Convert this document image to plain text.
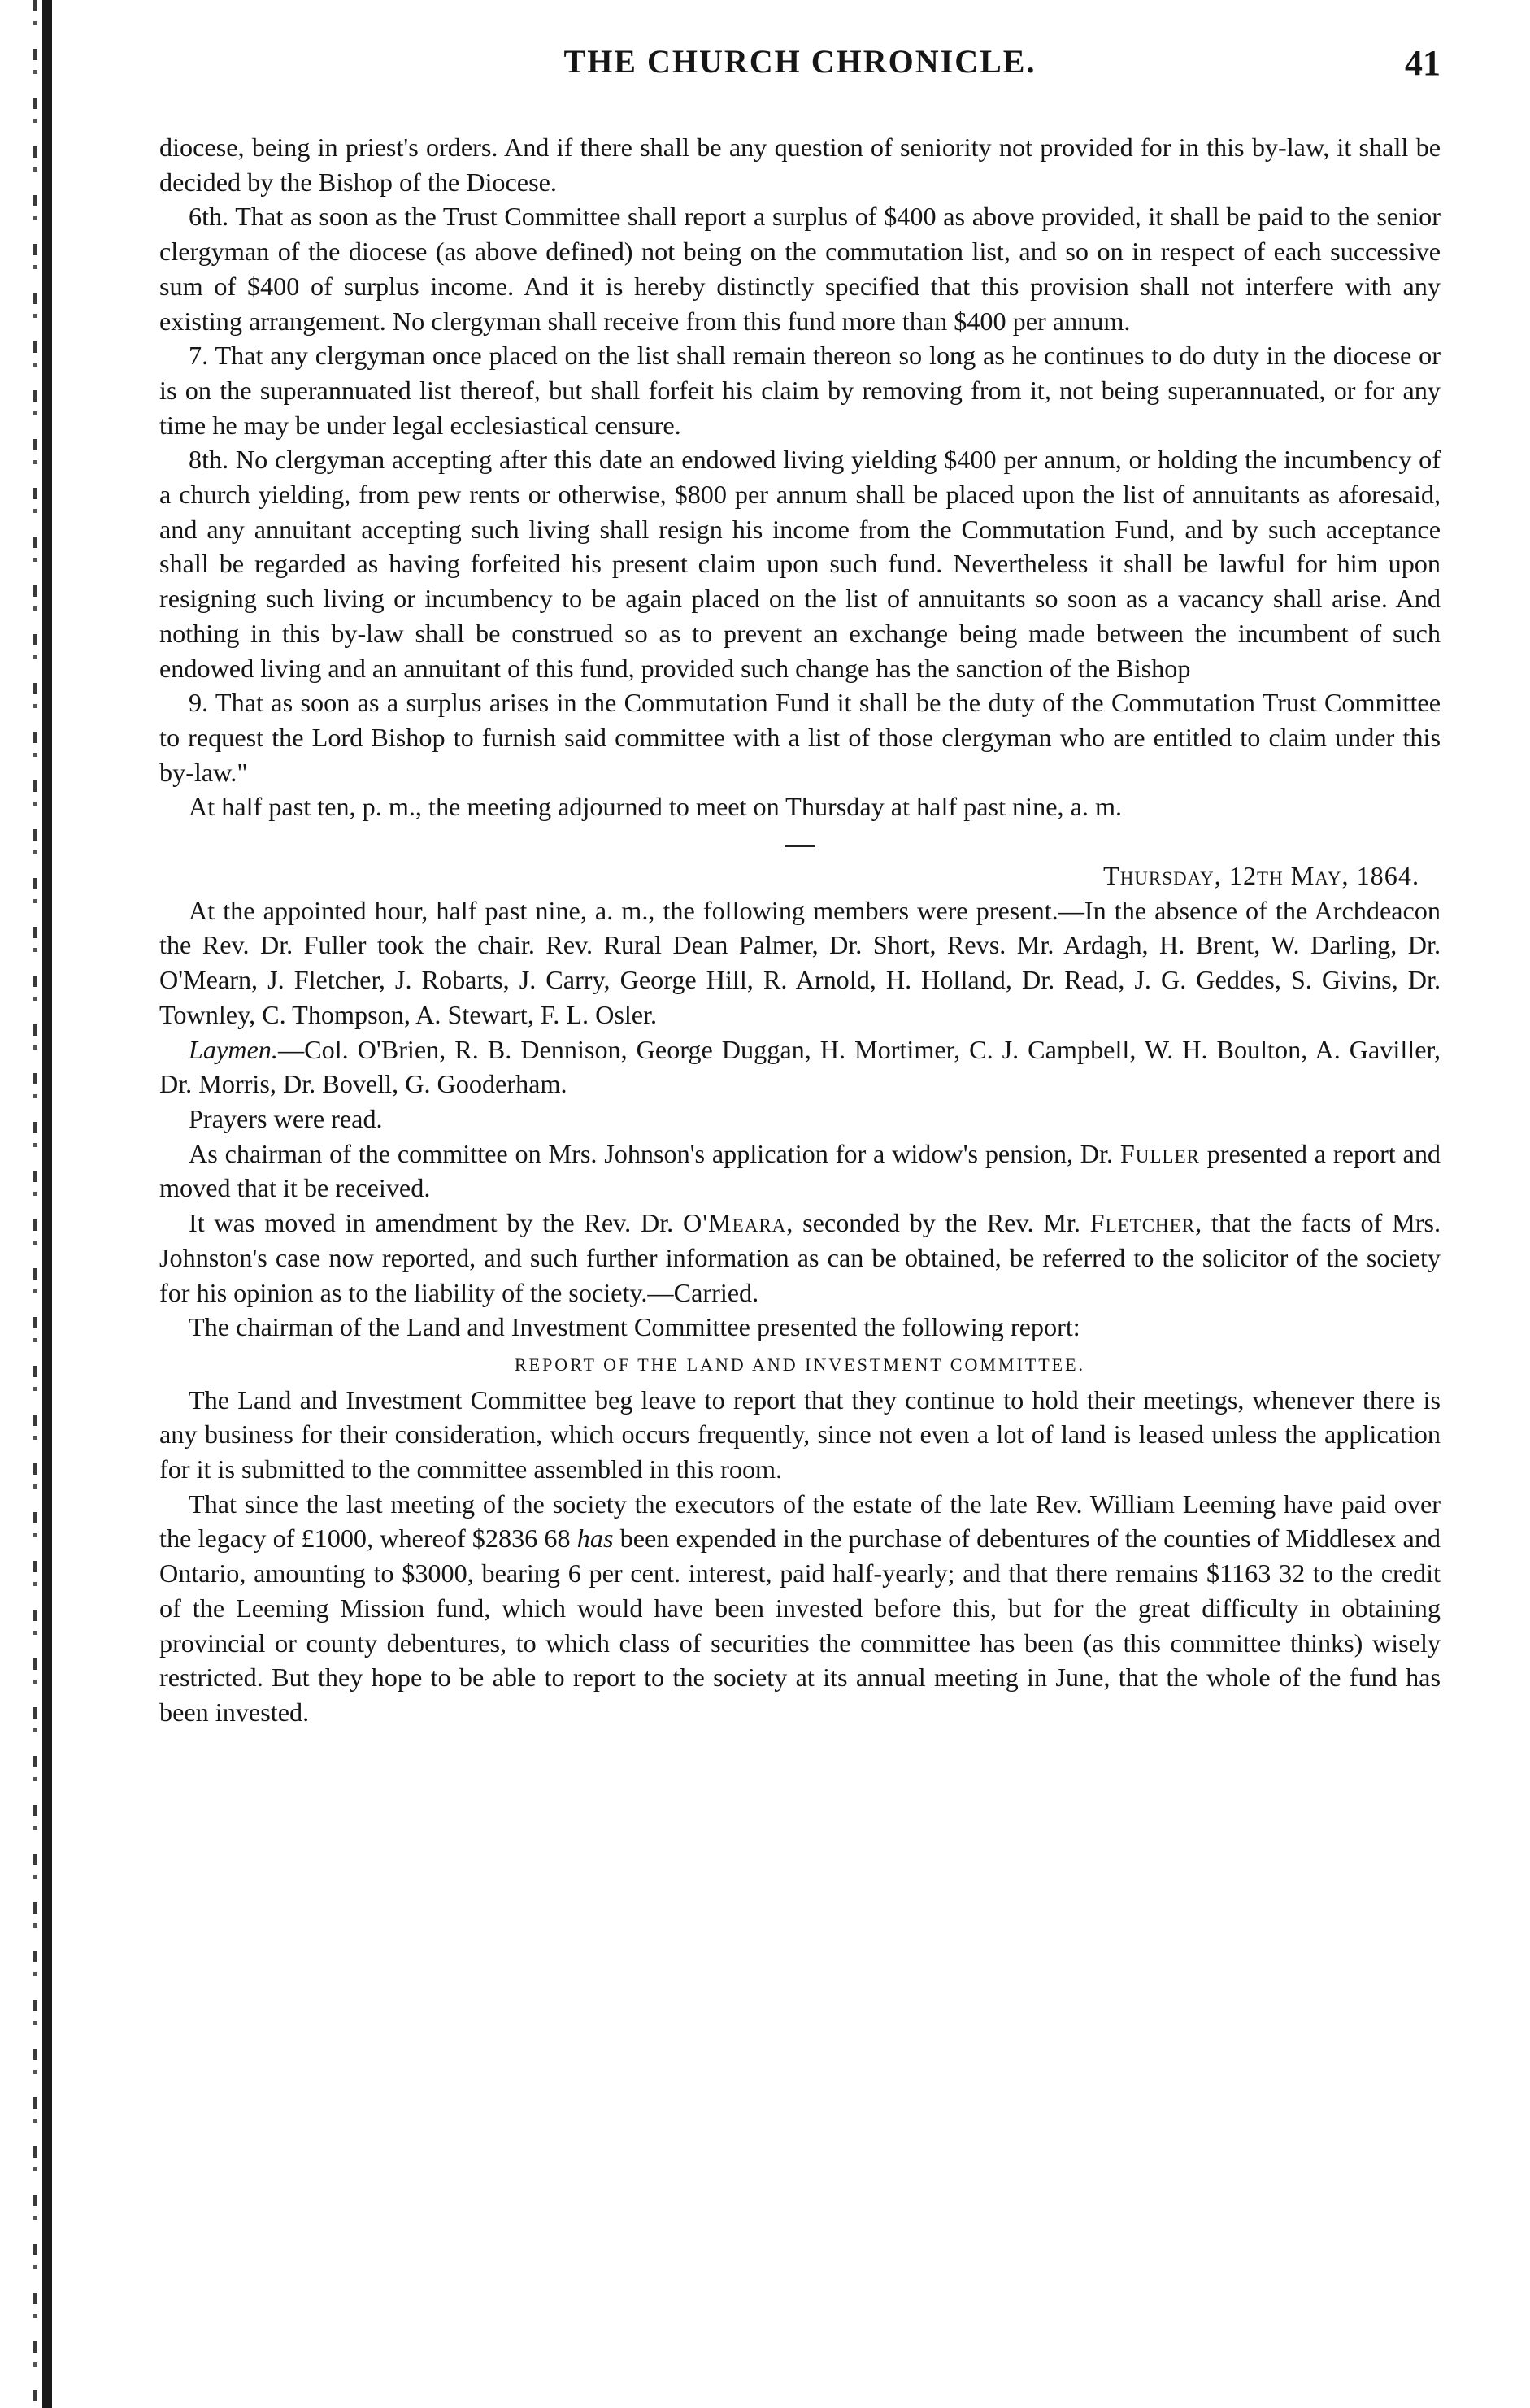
THE CHURCH CHRONICLE.	41

diocese, being in priest's orders. And if there shall be any question of seniority not provided for in this by-law, it shall be decided by the Bishop of the Diocese.

6th. That as soon as the Trust Committee shall report a surplus of $400 as above provided, it shall be paid to the senior clergyman of the diocese (as above defined) not being on the commutation list, and so on in respect of each successive sum of $400 of surplus income. And it is hereby distinctly specified that this provision shall not interfere with any existing arrangement. No clergyman shall receive from this fund more than $400 per annum.

7. That any clergyman once placed on the list shall remain thereon so long as he continues to do duty in the diocese or is on the superannuated list thereof, but shall forfeit his claim by removing from it, not being superannuated, or for any time he may be under legal ecclesiastical censure.

8th. No clergyman accepting after this date an endowed living yielding $400 per annum, or holding the incumbency of a church yielding, from pew rents or otherwise, $800 per annum shall be placed upon the list of annuitants as aforesaid, and any annuitant accepting such living shall resign his income from the Commutation Fund, and by such acceptance shall be regarded as having forfeited his present claim upon such fund. Nevertheless it shall be lawful for him upon resigning such living or incumbency to be again placed on the list of annuitants so soon as a vacancy shall arise. And nothing in this by-law shall be construed so as to prevent an exchange being made between the incumbent of such endowed living and an annuitant of this fund, provided such change has the sanction of the Bishop

9. That as soon as a surplus arises in the Commutation Fund it shall be the duty of the Commutation Trust Committee to request the Lord Bishop to furnish said committee with a list of those clergyman who are entitled to claim under this by-law."

At half past ten, p. m., the meeting adjourned to meet on Thursday at half past nine, a. m.

Thursday, 12th May, 1864.

At the appointed hour, half past nine, a. m., the following members were present.—In the absence of the Archdeacon the Rev. Dr. Fuller took the chair. Rev. Rural Dean Palmer, Dr. Short, Revs. Mr. Ardagh, H. Brent, W. Darling, Dr. O'Mearn, J. Fletcher, J. Robarts, J. Carry, George Hill, R. Arnold, H. Holland, Dr. Read, J. G. Geddes, S. Givins, Dr. Townley, C. Thompson, A. Stewart, F. L. Osler.

Laymen.—Col. O'Brien, R. B. Dennison, George Duggan, H. Mortimer, C. J. Campbell, W. H. Boulton, A. Gaviller, Dr. Morris, Dr. Bovell, G. Gooderham.

Prayers were read.

As chairman of the committee on Mrs. Johnson's application for a widow's pension, Dr. Fuller presented a report and moved that it be received.

It was moved in amendment by the Rev. Dr. O'Meara, seconded by the Rev. Mr. Fletcher, that the facts of Mrs. Johnston's case now reported, and such further information as can be obtained, be referred to the solicitor of the society for his opinion as to the liability of the society.—Carried.

The chairman of the Land and Investment Committee presented the following report:

REPORT OF THE LAND AND INVESTMENT COMMITTEE.

The Land and Investment Committee beg leave to report that they continue to hold their meetings, whenever there is any business for their consideration, which occurs frequently, since not even a lot of land is leased unless the application for it is submitted to the committee assembled in this room.

That since the last meeting of the society the executors of the estate of the late Rev. William Leeming have paid over the legacy of £1000, whereof $2836 68 has been expended in the purchase of debentures of the counties of Middlesex and Ontario, amounting to $3000, bearing 6 per cent. interest, paid half-yearly; and that there remains $1163 32 to the credit of the Leeming Mission fund, which would have been invested before this, but for the great difficulty in obtaining provincial or county debentures, to which class of securities the committee has been (as this committee thinks) wisely restricted. But they hope to be able to report to the society at its annual meeting in June, that the whole of the fund has been invested.
